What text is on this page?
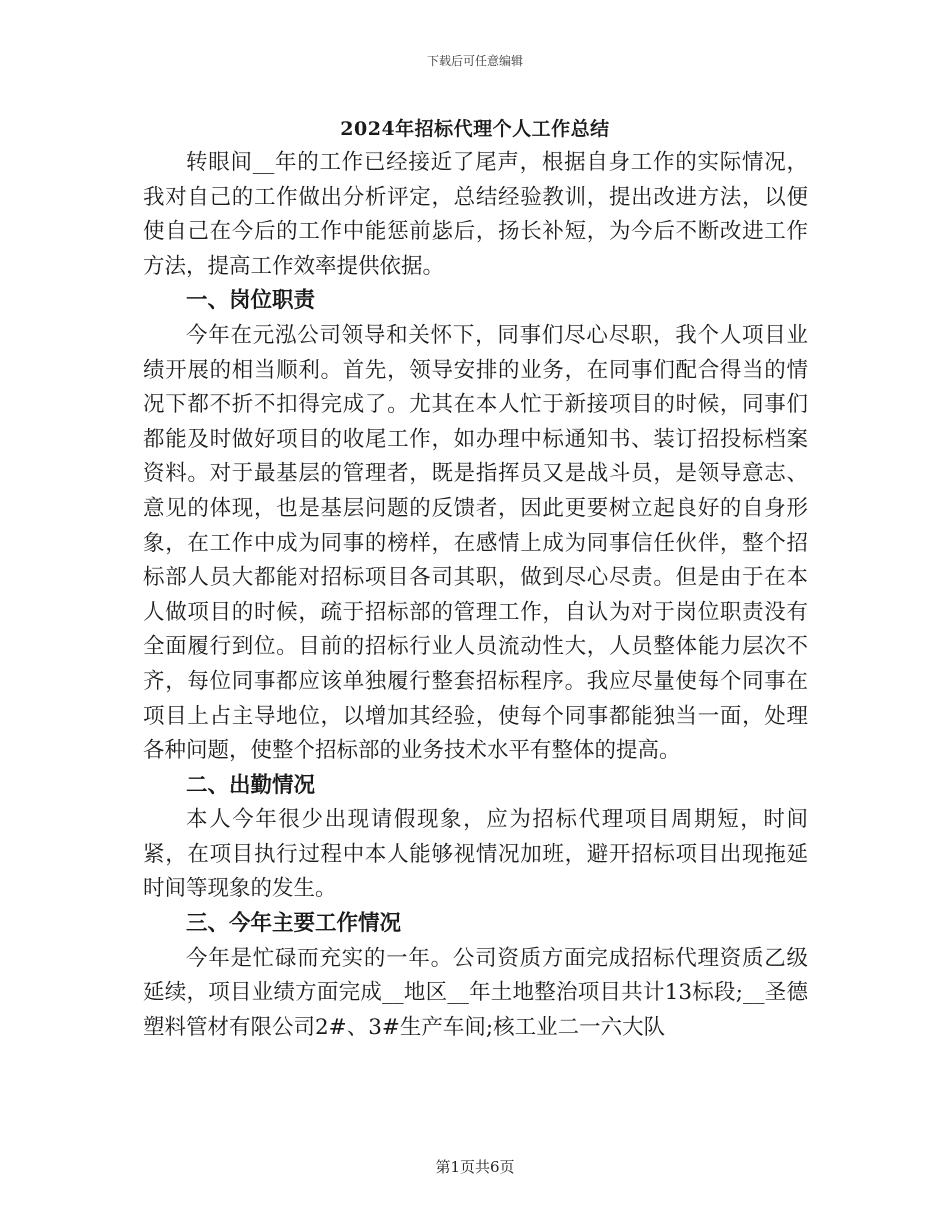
下载后可任意编辑
2024年招标代理个人工作总结

转眼间__年的工作已经接近了尾声，根据自身工作的实际情况，我对自己的工作做出分析评定，总结经验教训，提出改进方法，以便使自己在今后的工作中能惩前毖后，扬长补短，为今后不断改进工作方法，提高工作效率提供依据。

一、岗位职责

今年在元泓公司领导和关怀下，同事们尽心尽职，我个人项目业绩开展的相当顺利。首先，领导安排的业务，在同事们配合得当的情况下都不折不扣得完成了。尤其在本人忙于新接项目的时候，同事们都能及时做好项目的收尾工作，如办理中标通知书、装订招投标档案资料。对于最基层的管理者，既是指挥员又是战斗员，是领导意志、意见的体现，也是基层问题的反馈者，因此更要树立起良好的自身形象，在工作中成为同事的榜样，在感情上成为同事信任伙伴，整个招标部人员大都能对招标项目各司其职，做到尽心尽责。但是由于在本人做项目的时候，疏于招标部的管理工作，自认为对于岗位职责没有全面履行到位。目前的招标行业人员流动性大，人员整体能力层次不齐，每位同事都应该单独履行整套招标程序。我应尽量使每个同事在项目上占主导地位，以增加其经验，使每个同事都能独当一面，处理各种问题，使整个招标部的业务技术水平有整体的提高。

二、出勤情况

本人今年很少出现请假现象，应为招标代理项目周期短，时间紧，在项目执行过程中本人能够视情况加班，避开招标项目出现拖延时间等现象的发生。

三、今年主要工作情况

今年是忙碌而充实的一年。公司资质方面完成招标代理资质乙级延续，项目业绩方面完成__地区__年土地整治项目共计13标段;__圣德塑料管材有限公司2#、3#生产车间;核工业二一六大队

第1页共6页
